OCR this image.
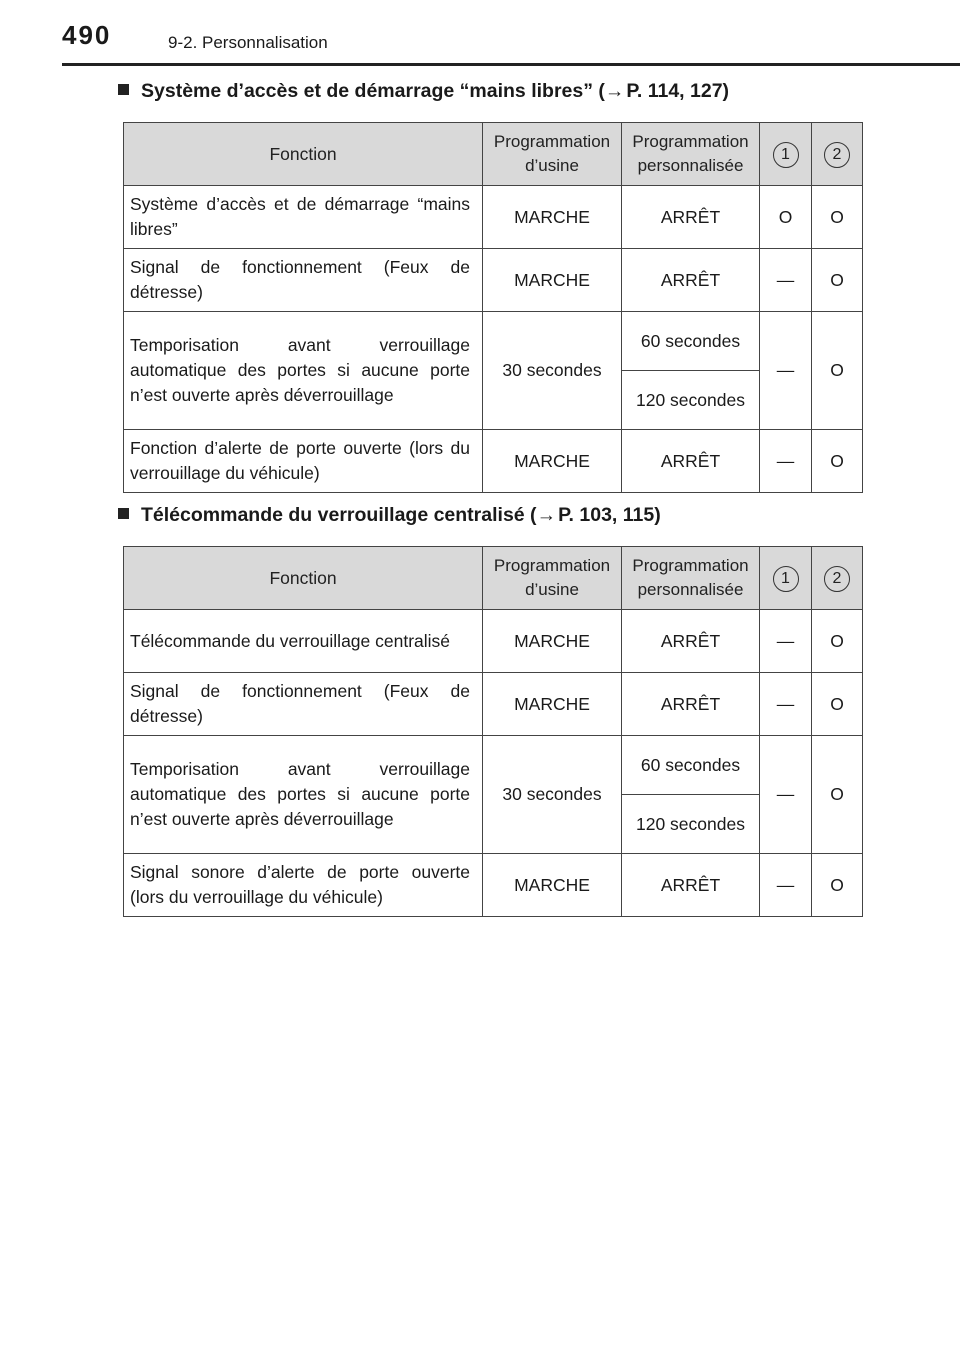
490	9-2. Personnalisation
Système d’accès et de démarrage “mains libres” (→ P. 114, 127)
Fonction	Programmation d’usine	Programmation personnalisée	1	2
Système d’accès et de démarrage “mains libres”	MARCHE	ARRÊT	O	O
Signal de fonctionnement (Feux de détresse)	MARCHE	ARRÊT	—	O
Temporisation avant verrouillage automatique des portes si aucune porte n’est ouverte après déverrouillage	30 secondes	60 secondes	—	O
		120 secondes		
Fonction d’alerte de porte ouverte (lors du verrouillage du véhicule)	MARCHE	ARRÊT	—	O
Télécommande du verrouillage centralisé (→ P. 103, 115)
Fonction	Programmation d’usine	Programmation personnalisée	1	2
Télécommande du verrouillage centralisé	MARCHE	ARRÊT	—	O
Signal de fonctionnement (Feux de détresse)	MARCHE	ARRÊT	—	O
Temporisation avant verrouillage automatique des portes si aucune porte n’est ouverte après déverrouillage	30 secondes	60 secondes	—	O
		120 secondes		
Signal sonore d’alerte de porte ouverte (lors du verrouillage du véhicule)	MARCHE	ARRÊT	—	O
